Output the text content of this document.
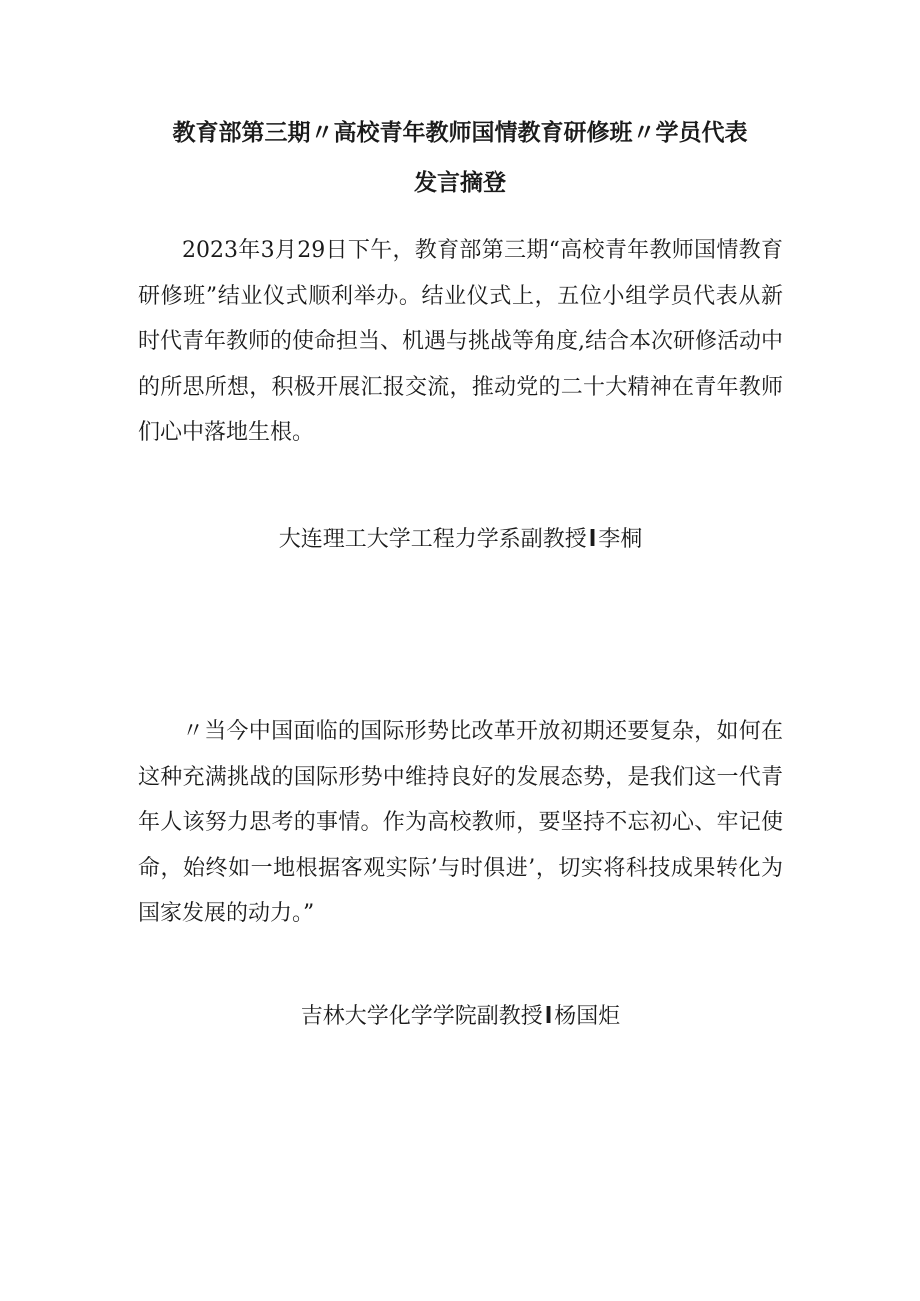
教育部第三期〃高校青年教师国情教育研修班〃学员代表
发言摘登

2023年3月29日下午，教育部第三期“高校青年教师国情教育研修班”结业仪式顺利举办。结业仪式上，五位小组学员代表从新时代青年教师的使命担当、机遇与挑战等角度,结合本次研修活动中的所思所想，积极开展汇报交流，推动党的二十大精神在青年教师们心中落地生根。

大连理工大学工程力学系副教授l李桐

〃当今中国面临的国际形势比改革开放初期还要复杂，如何在这种充满挑战的国际形势中维持良好的发展态势，是我们这一代青年人该努力思考的事情。作为高校教师，要坚持不忘初心、牢记使命，始终如一地根据客观实际’与时俱进’，切实将科技成果转化为国家发展的动力。”

吉林大学化学学院副教授l杨国炬
